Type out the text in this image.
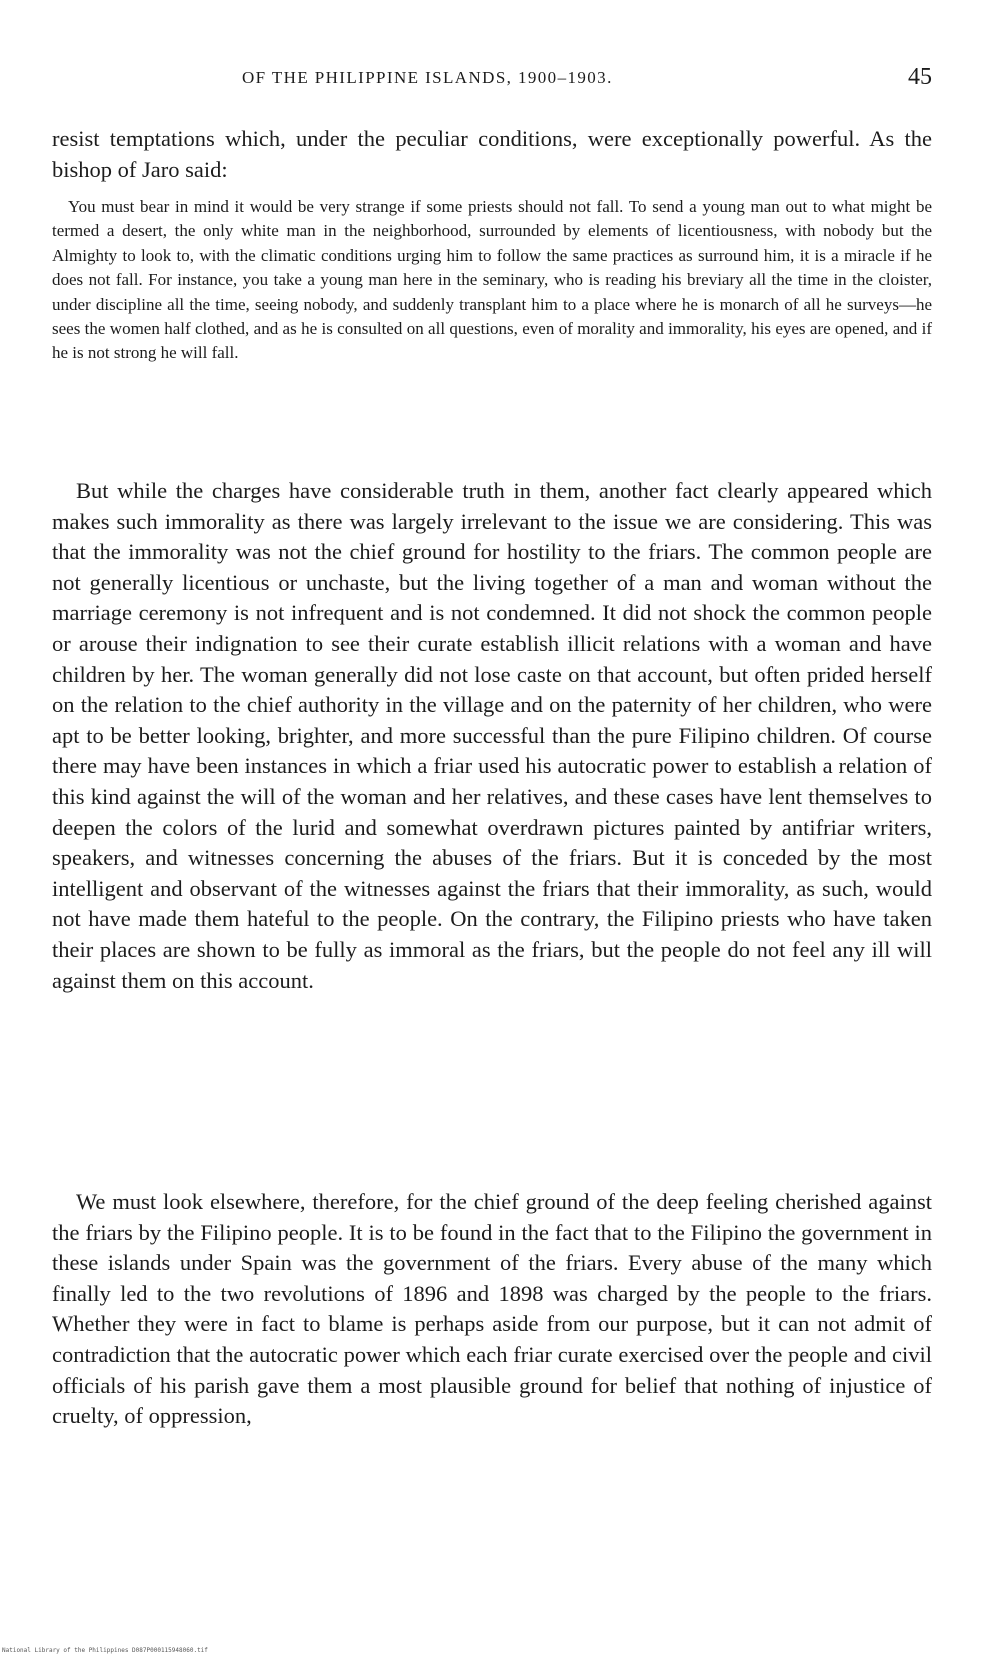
OF THE PHILIPPINE ISLANDS, 1900–1903.	45

resist temptations which, under the peculiar conditions, were exceptionally powerful. As the bishop of Jaro said:

You must bear in mind it would be very strange if some priests should not fall. To send a young man out to what might be termed a desert, the only white man in the neighborhood, surrounded by elements of licentiousness, with nobody but the Almighty to look to, with the climatic conditions urging him to follow the same practices as surround him, it is a miracle if he does not fall. For instance, you take a young man here in the seminary, who is reading his breviary all the time in the cloister, under discipline all the time, seeing nobody, and suddenly transplant him to a place where he is monarch of all he surveys—he sees the women half clothed, and as he is consulted on all questions, even of morality and immorality, his eyes are opened, and if he is not strong he will fall.

But while the charges have considerable truth in them, another fact clearly appeared which makes such immorality as there was largely irrelevant to the issue we are considering. This was that the immorality was not the chief ground for hostility to the friars. The common people are not generally licentious or unchaste, but the living together of a man and woman without the marriage ceremony is not infrequent and is not condemned. It did not shock the common people or arouse their indignation to see their curate establish illicit relations with a woman and have children by her. The woman generally did not lose caste on that account, but often prided herself on the relation to the chief authority in the village and on the paternity of her children, who were apt to be better looking, brighter, and more successful than the pure Filipino children. Of course there may have been instances in which a friar used his autocratic power to establish a relation of this kind against the will of the woman and her relatives, and these cases have lent themselves to deepen the colors of the lurid and somewhat overdrawn pictures painted by antifriar writers, speakers, and witnesses concerning the abuses of the friars. But it is conceded by the most intelligent and observant of the witnesses against the friars that their immorality, as such, would not have made them hateful to the people. On the contrary, the Filipino priests who have taken their places are shown to be fully as immoral as the friars, but the people do not feel any ill will against them on this account.

We must look elsewhere, therefore, for the chief ground of the deep feeling cherished against the friars by the Filipino people. It is to be found in the fact that to the Filipino the government in these islands under Spain was the government of the friars. Every abuse of the many which finally led to the two revolutions of 1896 and 1898 was charged by the people to the friars. Whether they were in fact to blame is perhaps aside from our purpose, but it can not admit of contradiction that the autocratic power which each friar curate exercised over the people and civil officials of his parish gave them a most plausible ground for belief that nothing of injustice of cruelty, of oppression,

National Library of the Philippines D087P000115948060.tif
